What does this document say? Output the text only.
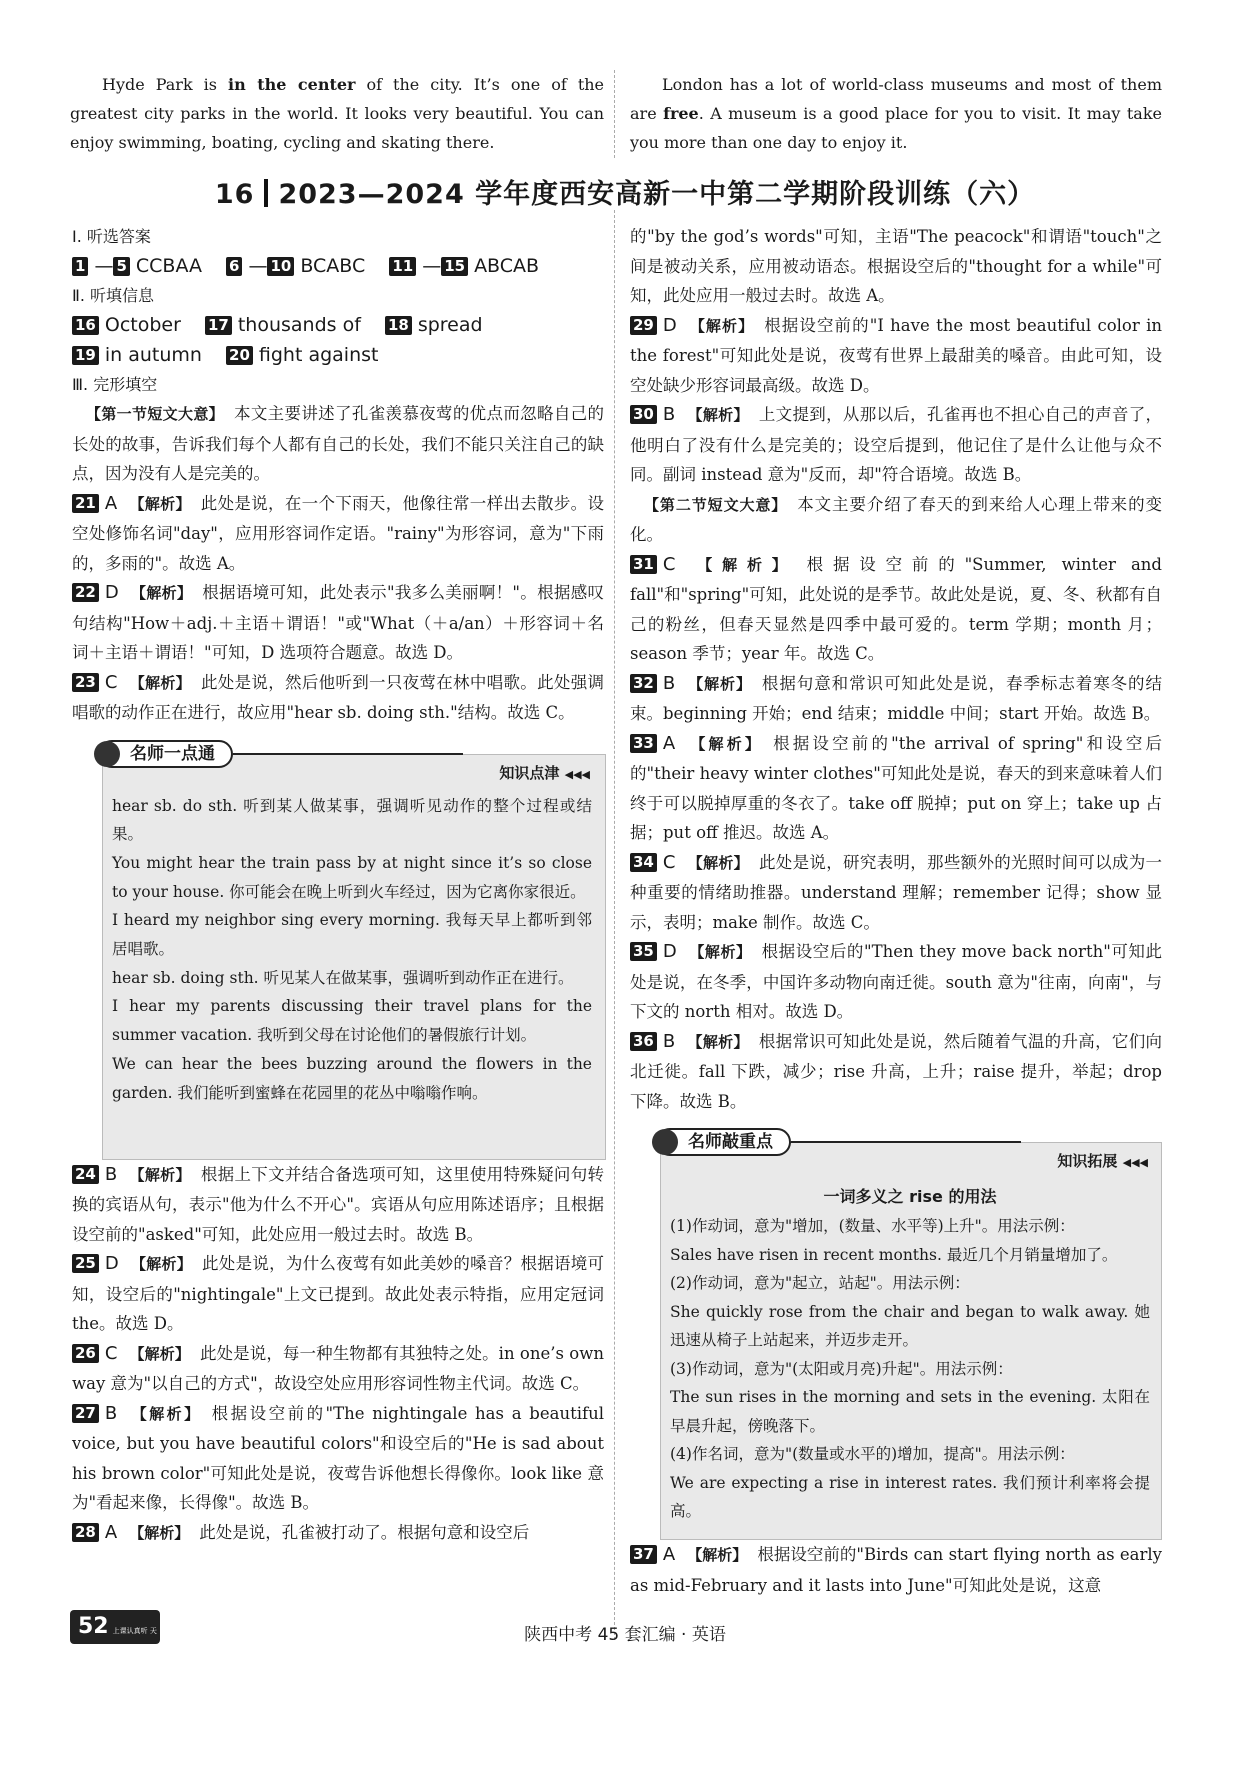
Hyde Park is in the center of the city. It’s one of the greatest city parks in the world. It looks very beautiful. You can enjoy swimming, boating, cycling and skating there.

London has a lot of world-class museums and most of them are free. A museum is a good place for you to visit. It may take you more than one day to enjoy it.

16 2023—2024 学年度西安高新一中第二学期阶段训练（六）

Ⅰ. 听选答案

1 — 5 CCBAA 6 — 10 BCABC 11 — 15 ABCAB

Ⅱ. 听填信息

16 October 17 thousands of 18 spread

19 in autumn 20 fight against

Ⅲ. 完形填空

【第一节短文大意】 本文主要讲述了孔雀羡慕夜莺的优点而忽略自己的长处的故事，告诉我们每个人都有自己的长处，我们不能只关注自己的缺点，因为没有人是完美的。

21 A 【解析】 此处是说，在一个下雨天，他像往常一样出去散步。设空处修饰名词"day"，应用形容词作定语。"rainy"为形容词，意为"下雨的，多雨的"。故选 A。

22 D 【解析】 根据语境可知，此处表示"我多么美丽啊！"。根据感叹句结构"How＋adj.＋主语＋谓语！"或"What（＋a/an）＋形容词＋名词＋主语＋谓语！"可知，D 选项符合题意。故选 D。

23 C 【解析】 此处是说，然后他听到一只夜莺在林中唱歌。此处强调唱歌的动作正在进行，故应用"hear sb. doing sth."结构。故选 C。

名师一点通
知识点津 ◀◀◀

hear sb. do sth. 听到某人做某事，强调听见动作的整个过程或结果。

You might hear the train pass by at night since it’s so close to your house. 你可能会在晚上听到火车经过，因为它离你家很近。

I heard my neighbor sing every morning. 我每天早上都听到邻居唱歌。

hear sb. doing sth. 听见某人在做某事，强调听到动作正在进行。

I hear my parents discussing their travel plans for the summer vacation. 我听到父母在讨论他们的暑假旅行计划。

We can hear the bees buzzing around the flowers in the garden. 我们能听到蜜蜂在花园里的花丛中嗡嗡作响。

24 B 【解析】 根据上下文并结合备选项可知，这里使用特殊疑问句转换的宾语从句，表示"他为什么不开心"。宾语从句应用陈述语序；且根据设空前的"asked"可知，此处应用一般过去时。故选 B。

25 D 【解析】 此处是说，为什么夜莺有如此美妙的嗓音？根据语境可知，设空后的"nightingale"上文已提到。故此处表示特指，应用定冠词 the。故选 D。

26 C 【解析】 此处是说，每一种生物都有其独特之处。in one’s own way 意为"以自己的方式"，故设空处应用形容词性物主代词。故选 C。

27 B 【解析】 根据设空前的"The nightingale has a beautiful voice, but you have beautiful colors"和设空后的"He is sad about his brown color"可知此处是说，夜莺告诉他想长得像你。look like 意为"看起来像，长得像"。故选 B。

28 A 【解析】 此处是说，孔雀被打动了。根据句意和设空后

的"by the god’s words"可知，主语"The peacock"和谓语"touch"之间是被动关系，应用被动语态。根据设空后的"thought for a while"可知，此处应用一般过去时。故选 A。

29 D 【解析】 根据设空前的"I have the most beautiful color in the forest"可知此处是说，夜莺有世界上最甜美的嗓音。由此可知，设空处缺少形容词最高级。故选 D。

30 B 【解析】 上文提到，从那以后，孔雀再也不担心自己的声音了，他明白了没有什么是完美的；设空后提到，他记住了是什么让他与众不同。副词 instead 意为"反而，却"符合语境。故选 B。

【第二节短文大意】 本文主要介绍了春天的到来给人心理上带来的变化。

31 C 【解析】 根据设空前的"Summer, winter and fall"和"spring"可知，此处说的是季节。故此处是说，夏、冬、秋都有自己的粉丝，但春天显然是四季中最可爱的。term 学期；month 月；season 季节；year 年。故选 C。

32 B 【解析】 根据句意和常识可知此处是说，春季标志着寒冬的结束。beginning 开始；end 结束；middle 中间；start 开始。故选 B。

33 A 【解析】 根据设空前的"the arrival of spring"和设空后的"their heavy winter clothes"可知此处是说，春天的到来意味着人们终于可以脱掉厚重的冬衣了。take off 脱掉；put on 穿上；take up 占据；put off 推迟。故选 A。

34 C 【解析】 此处是说，研究表明，那些额外的光照时间可以成为一种重要的情绪助推器。understand 理解；remember 记得；show 显示，表明；make 制作。故选 C。

35 D 【解析】 根据设空后的"Then they move back north"可知此处是说，在冬季，中国许多动物向南迁徙。south 意为"往南，向南"，与下文的 north 相对。故选 D。

36 B 【解析】 根据常识可知此处是说，然后随着气温的升高，它们向北迁徙。fall 下跌，减少；rise 升高，上升；raise 提升，举起；drop 下降。故选 B。

名师敲重点
知识拓展 ◀◀◀
一词多义之 rise 的用法

(1)作动词，意为"增加，(数量、水平等)上升"。用法示例：

Sales have risen in recent months. 最近几个月销量增加了。

(2)作动词，意为"起立，站起"。用法示例：

She quickly rose from the chair and began to walk away. 她迅速从椅子上站起来，并迈步走开。

(3)作动词，意为"(太阳或月亮)升起"。用法示例：

The sun rises in the morning and sets in the evening. 太阳在早晨升起，傍晚落下。

(4)作名词，意为"(数量或水平的)增加，提高"。用法示例：

We are expecting a rise in interest rates. 我们预计利率将会提高。

37 A 【解析】 根据设空前的"Birds can start flying north as early as mid-February and it lasts into June"可知此处是说，这意

52 上课认真听 天天练不
陕西中考 45 套汇编 · 英语
